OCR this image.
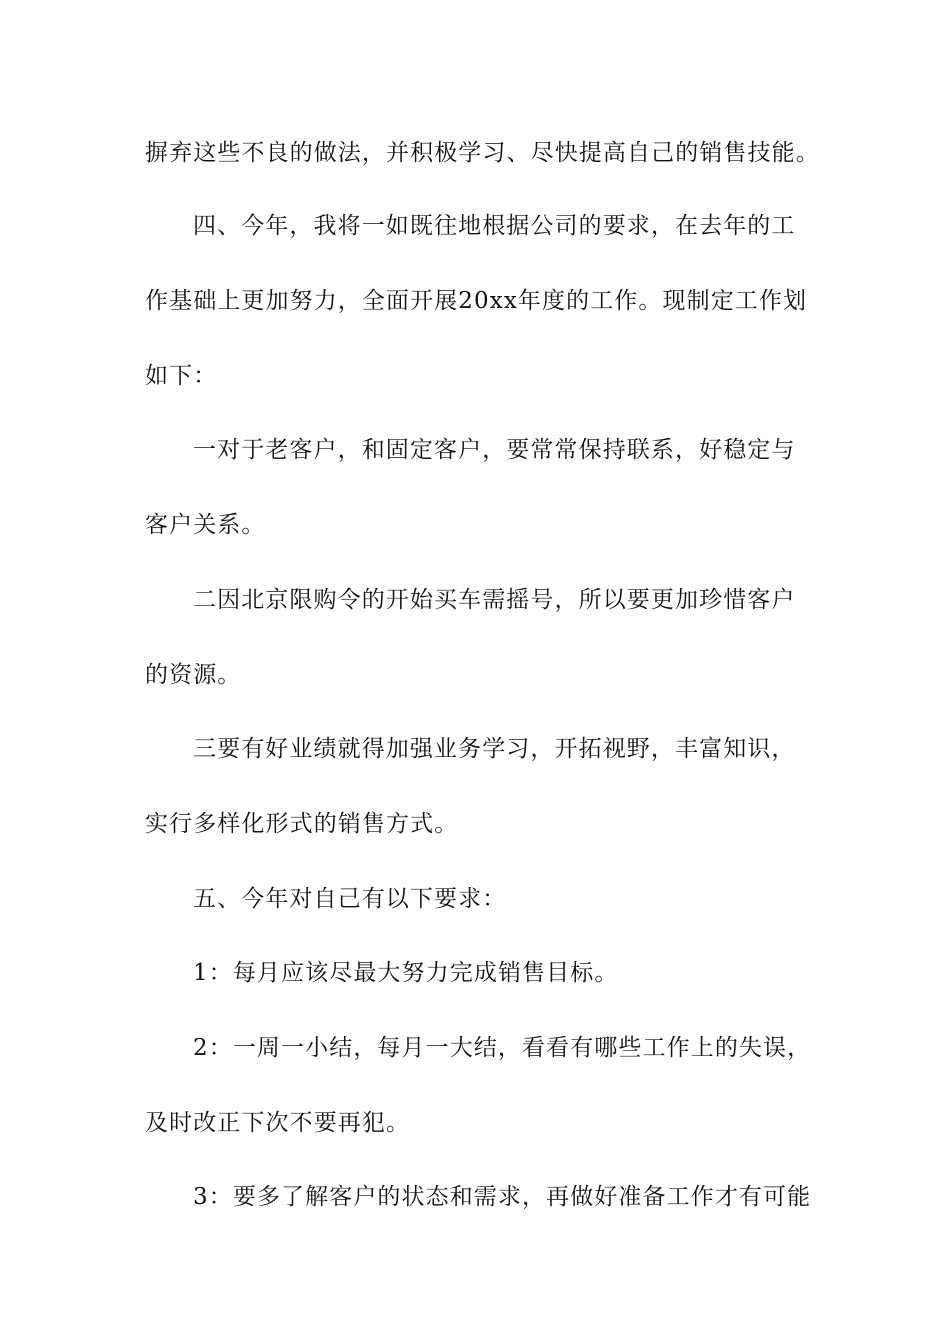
摒弃这些不良的做法，并积极学习、尽快提高自己的销售技能。
四、今年，我将一如既往地根据公司的要求，在去年的工
作基础上更加努力，全面开展20xx年度的工作。现制定工作划
如下：
一对于老客户，和固定客户，要常常保持联系，好稳定与
客户关系。
二因北京限购令的开始买车需摇号，所以要更加珍惜客户
的资源。
三要有好业绩就得加强业务学习，开拓视野，丰富知识，
实行多样化形式的销售方式。
五、今年对自己有以下要求：
1：每月应该尽最大努力完成销售目标。
2：一周一小结，每月一大结，看看有哪些工作上的失误，
及时改正下次不要再犯。
3：要多了解客户的状态和需求，再做好准备工作才有可能
